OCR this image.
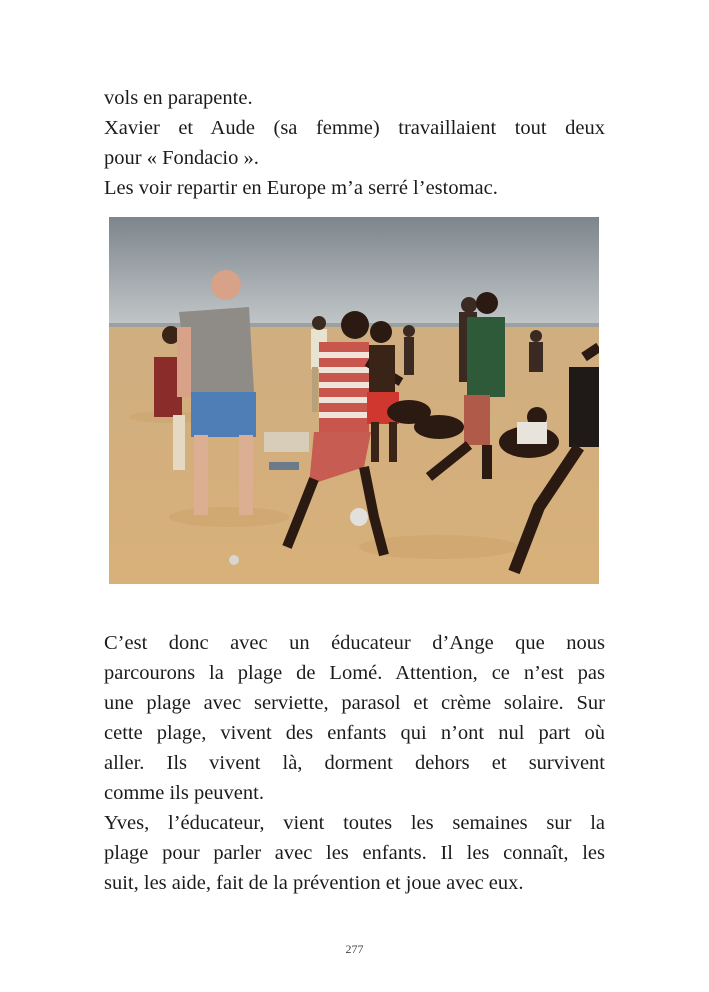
vols en parapente.
Xavier et Aude (sa femme) travaillaient tout deux
pour « Fondacio ».
Les voir repartir en Europe m’a serré l’estomac.
C’est donc avec un éducateur d’Ange que nous
parcourons la plage de Lomé. Attention, ce n’est pas
une plage avec serviette, parasol et crème solaire. Sur
cette plage, vivent des enfants qui n’ont nul part où
aller. Ils vivent là, dorment dehors et survivent
comme ils peuvent.
Yves, l’éducateur, vient toutes les semaines sur la
plage pour parler avec les enfants. Il les connaît, les
suit, les aide, fait de la prévention et joue avec eux.
277
